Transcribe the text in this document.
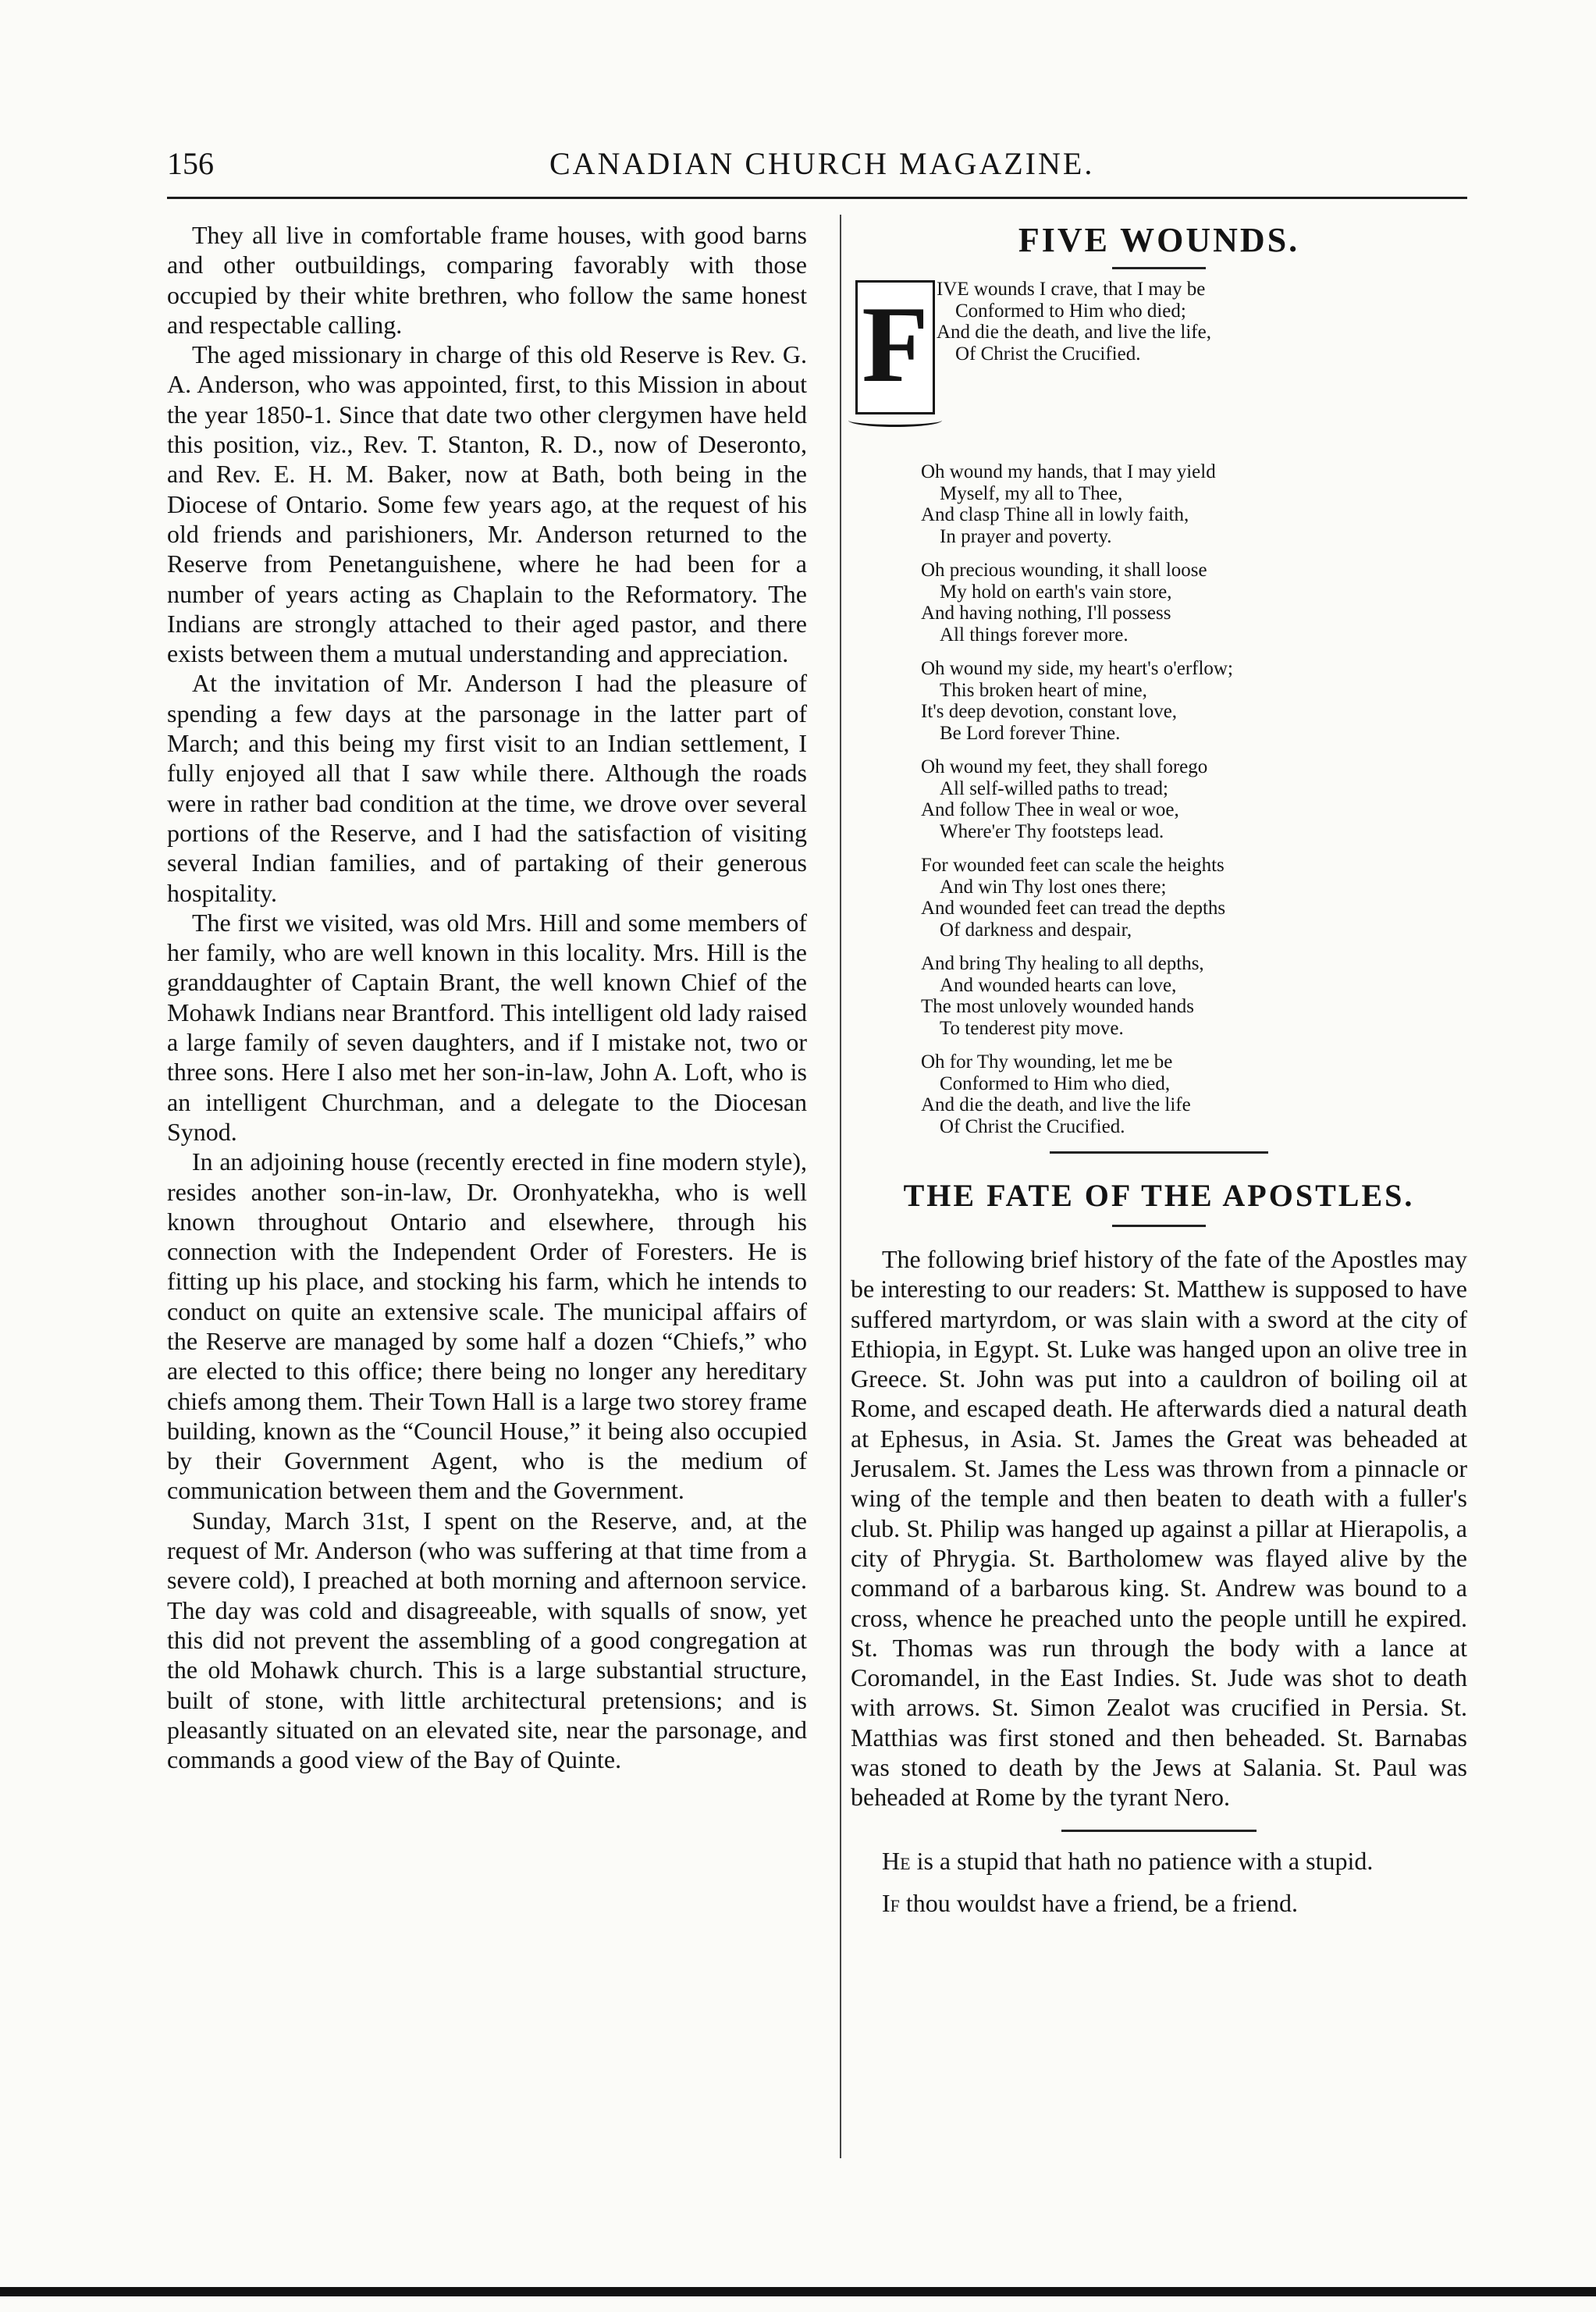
156	CANADIAN CHURCH MAGAZINE.

They all live in comfortable frame houses, with good barns and other outbuildings, comparing favorably with those occupied by their white brethren, who follow the same honest and respectable calling.

The aged missionary in charge of this old Reserve is Rev. G. A. Anderson, who was appointed, first, to this Mission in about the year 1850-1. Since that date two other clergymen have held this position, viz., Rev. T. Stanton, R. D., now of Deseronto, and Rev. E. H. M. Baker, now at Bath, both being in the Diocese of Ontario. Some few years ago, at the request of his old friends and parishioners, Mr. Anderson returned to the Reserve from Penetanguishene, where he had been for a number of years acting as Chaplain to the Reformatory. The Indians are strongly attached to their aged pastor, and there exists between them a mutual understanding and appreciation.

At the invitation of Mr. Anderson I had the pleasure of spending a few days at the parsonage in the latter part of March; and this being my first visit to an Indian settlement, I fully enjoyed all that I saw while there. Although the roads were in rather bad condition at the time, we drove over several portions of the Reserve, and I had the satisfaction of visiting several Indian families, and of partaking of their generous hospitality.

The first we visited, was old Mrs. Hill and some members of her family, who are well known in this locality. Mrs. Hill is the granddaughter of Captain Brant, the well known Chief of the Mohawk Indians near Brantford. This intelligent old lady raised a large family of seven daughters, and if I mistake not, two or three sons. Here I also met her son-in-law, John A. Loft, who is an intelligent Churchman, and a delegate to the Diocesan Synod.

In an adjoining house (recently erected in fine modern style), resides another son-in-law, Dr. Oronhyatekha, who is well known throughout Ontario and elsewhere, through his connection with the Independent Order of Foresters. He is fitting up his place, and stocking his farm, which he intends to conduct on quite an extensive scale. The municipal affairs of the Reserve are managed by some half a dozen “Chiefs,” who are elected to this office; there being no longer any hereditary chiefs among them. Their Town Hall is a large two storey frame building, known as the “Council House,” it being also occupied by their Government Agent, who is the medium of communication between them and the Government.

Sunday, March 31st, I spent on the Reserve, and, at the request of Mr. Anderson (who was suffering at that time from a severe cold), I preached at both morning and afternoon service. The day was cold and disagreeable, with squalls of snow, yet this did not prevent the assembling of a good congregation at the old Mohawk church. This is a large substantial structure, built of stone, with little architectural pretensions; and is pleasantly situated on an elevated site, near the parsonage, and commands a good view of the Bay of Quinte.

FIVE WOUNDS.
F IVE wounds I crave, that I may be
Conformed to Him who died;
And die the death, and live the life,
Of Christ the Crucified.
Oh wound my hands, that I may yield
Myself, my all to Thee,
And clasp Thine all in lowly faith,
In prayer and poverty.
Oh precious wounding, it shall loose
My hold on earth's vain store,
And having nothing, I'll possess
All things forever more.
Oh wound my side, my heart's o'erflow;
This broken heart of mine,
It's deep devotion, constant love,
Be Lord forever Thine.
Oh wound my feet, they shall forego
All self-willed paths to tread;
And follow Thee in weal or woe,
Where'er Thy footsteps lead.
For wounded feet can scale the heights
And win Thy lost ones there;
And wounded feet can tread the depths
Of darkness and despair,
And bring Thy healing to all depths,
And wounded hearts can love,
The most unlovely wounded hands
To tenderest pity move.
Oh for Thy wounding, let me be
Conformed to Him who died,
And die the death, and live the life
Of Christ the Crucified.
THE FATE OF THE APOSTLES.

The following brief history of the fate of the Apostles may be interesting to our readers: St. Matthew is supposed to have suffered martyrdom, or was slain with a sword at the city of Ethiopia, in Egypt. St. Luke was hanged upon an olive tree in Greece. St. John was put into a cauldron of boiling oil at Rome, and escaped death. He afterwards died a natural death at Ephesus, in Asia. St. James the Great was beheaded at Jerusalem. St. James the Less was thrown from a pinnacle or wing of the temple and then beaten to death with a fuller's club. St. Philip was hanged up against a pillar at Hierapolis, a city of Phrygia. St. Bartholomew was flayed alive by the command of a barbarous king. St. Andrew was bound to a cross, whence he preached unto the people untill he expired. St. Thomas was run through the body with a lance at Coromandel, in the East Indies. St. Jude was shot to death with arrows. St. Simon Zealot was crucified in Persia. St. Matthias was first stoned and then beheaded. St. Barnabas was stoned to death by the Jews at Salania. St. Paul was beheaded at Rome by the tyrant Nero.

He is a stupid that hath no patience with a stupid.

If thou wouldst have a friend, be a friend.
